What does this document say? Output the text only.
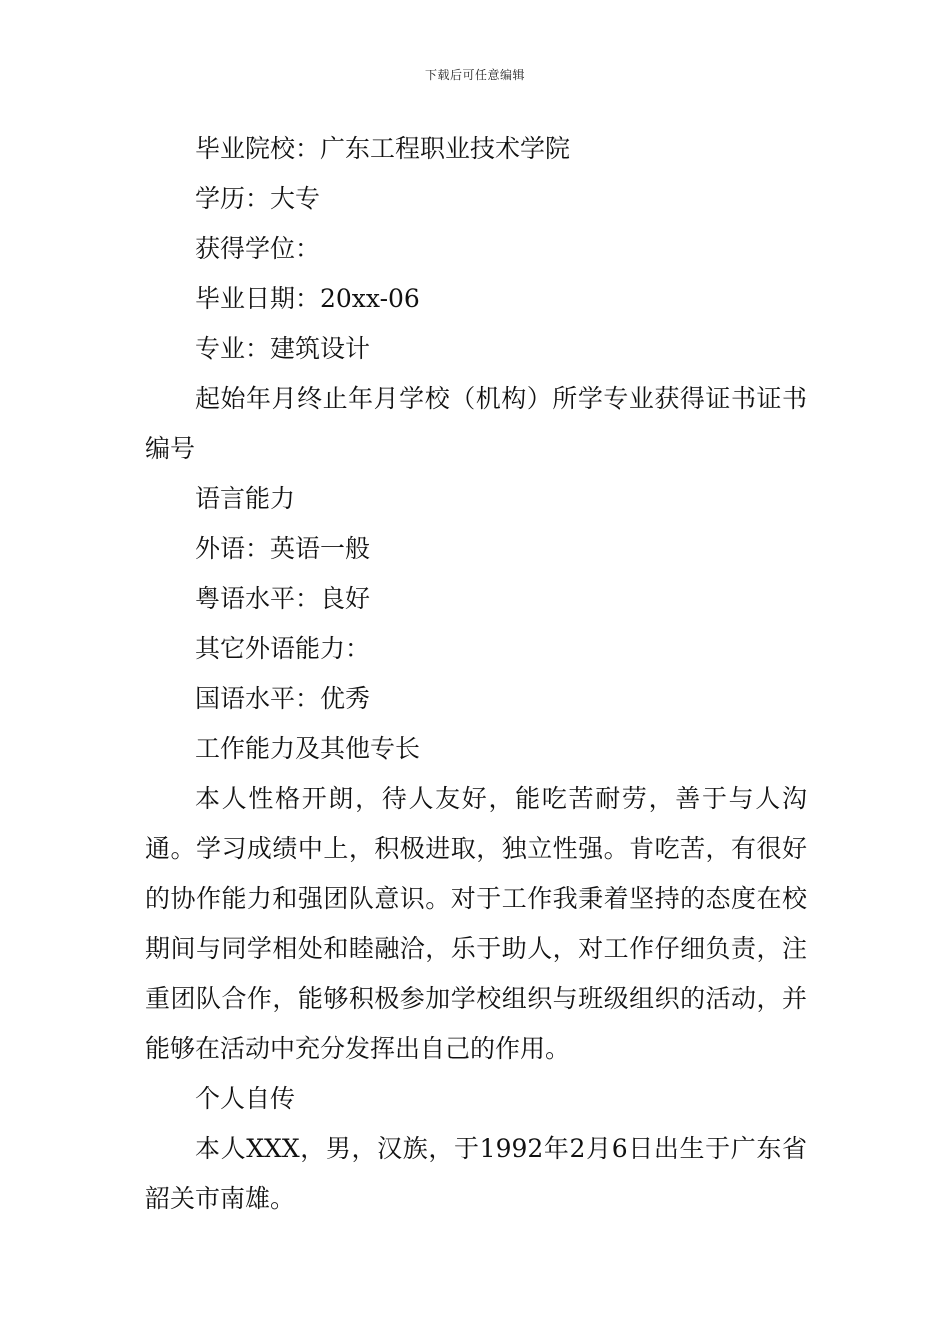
下载后可任意编辑

毕业院校：广东工程职业技术学院

学历：大专

获得学位：

毕业日期：20xx-06

专业：建筑设计

起始年月终止年月学校（机构）所学专业获得证书证书编号

语言能力

外语：英语一般

粤语水平：良好

其它外语能力：

国语水平：优秀

工作能力及其他专长

本人性格开朗，待人友好，能吃苦耐劳，善于与人沟通。学习成绩中上，积极进取，独立性强。肯吃苦，有很好的协作能力和强团队意识。对于工作我秉着坚持的态度在校期间与同学相处和睦融洽，乐于助人，对工作仔细负责，注重团队合作，能够积极参加学校组织与班级组织的活动，并能够在活动中充分发挥出自己的作用。

个人自传

本人XXX，男，汉族，于1992年2月6日出生于广东省韶关市南雄。
